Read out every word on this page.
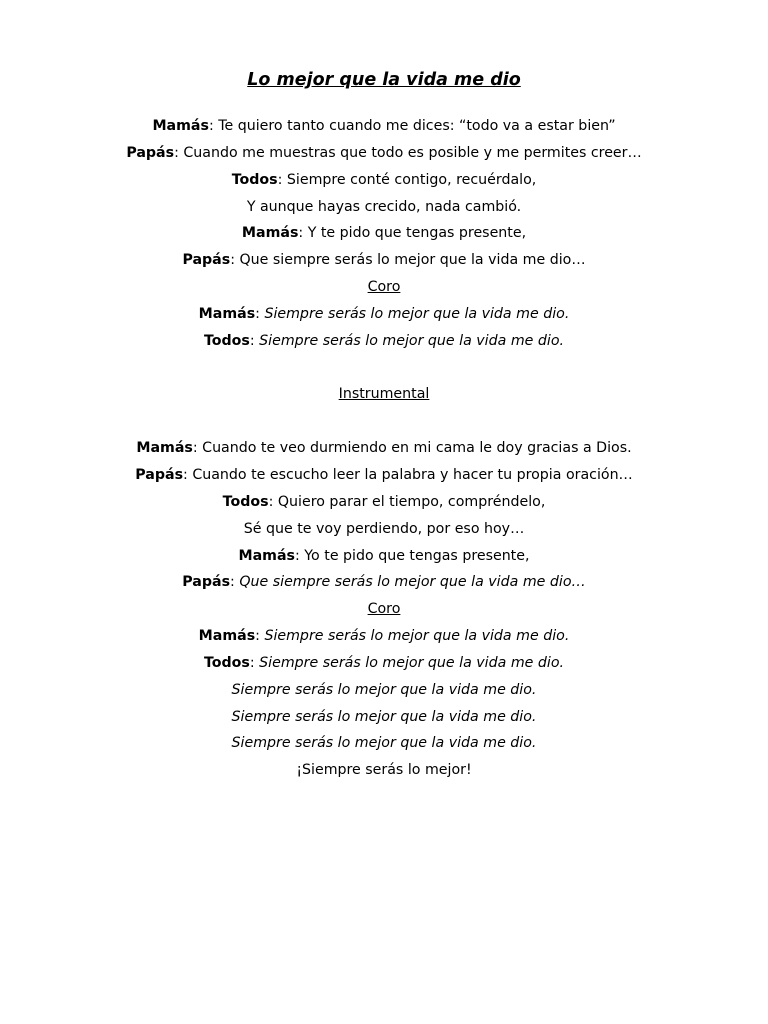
Lo mejor que la vida me dio
Mamás: Te quiero tanto cuando me dices: “todo va a estar bien”
Papás: Cuando me muestras que todo es posible y me permites creer…
Todos: Siempre conté contigo, recuérdalo,
Y aunque hayas crecido, nada cambió.
Mamás: Y te pido que tengas presente,
Papás: Que siempre serás lo mejor que la vida me dio…
Coro
Mamás: Siempre serás lo mejor que la vida me dio.
Todos: Siempre serás lo mejor que la vida me dio.
Instrumental
Mamás: Cuando te veo durmiendo en mi cama le doy gracias a Dios.
Papás: Cuando te escucho leer la palabra y hacer tu propia oración…
Todos: Quiero parar el tiempo, compréndelo,
Sé que te voy perdiendo, por eso hoy…
Mamás: Yo te pido que tengas presente,
Papás: Que siempre serás lo mejor que la vida me dio…
Coro
Mamás: Siempre serás lo mejor que la vida me dio.
Todos: Siempre serás lo mejor que la vida me dio.
Siempre serás lo mejor que la vida me dio.
Siempre serás lo mejor que la vida me dio.
Siempre serás lo mejor que la vida me dio.
¡Siempre serás lo mejor!
